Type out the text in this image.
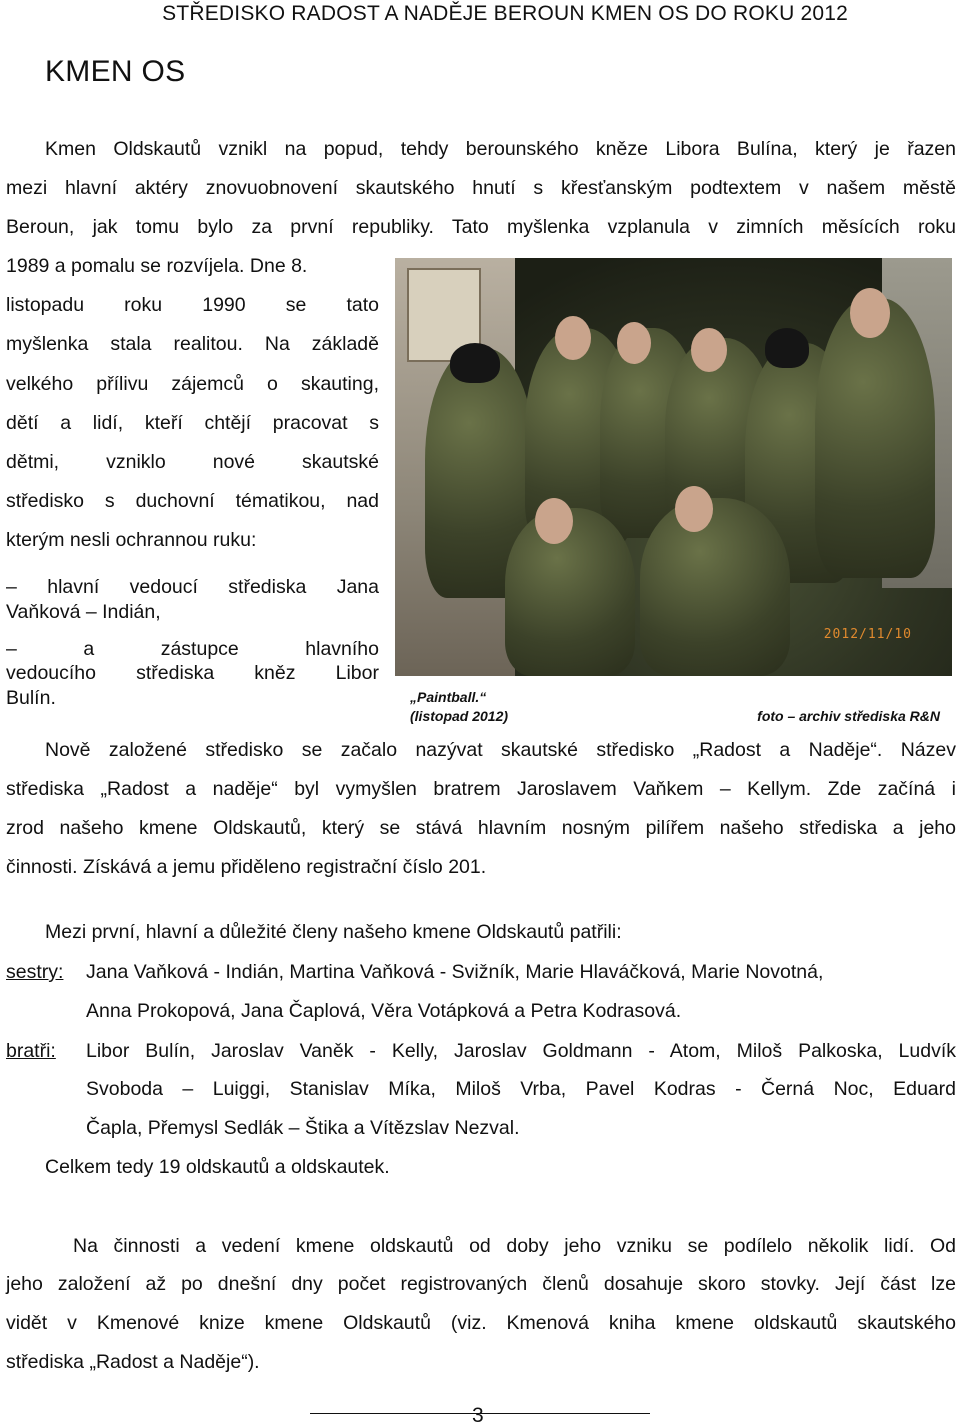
STŘEDISKO RADOST A NADĚJE BEROUN KMEN OS DO ROKU 2012
KMEN OS
Kmen Oldskautů vznikl na popud, tehdy berounského kněze Libora Bulína, který je řazen
mezi hlavní aktéry znovuobnovení skautského hnutí s křesťanským podtextem v našem městě
Beroun, jak tomu bylo za první republiky. Tato myšlenka vzplanula v zimních měsících roku
1989 a pomalu se rozvíjela. Dne 8.
listopadu roku 1990 se tato
myšlenka stala realitou. Na základě
velkého přílivu zájemců o skauting,
dětí a lidí, kteří chtějí pracovat s
dětmi, vzniklo nové skautské
středisko s duchovní tématikou, nad
kterým nesli ochrannou ruku:
– hlavní vedoucí střediska Jana
Vaňková – Indián,
– a zástupce hlavního
vedoucího střediska kněz Libor
Bulín.
2012/11/10
„Paintball.“
(listopad 2012)	foto – archiv střediska R&N
Nově založené středisko se začalo nazývat skautské středisko „Radost a Naděje“. Název
střediska „Radost a naděje“ byl vymyšlen bratrem Jaroslavem Vaňkem – Kellym. Zde začíná i
zrod našeho kmene Oldskautů, který se stává hlavním nosným pilířem našeho střediska a jeho
činnosti. Získává a jemu přiděleno registrační číslo 201.
Mezi první, hlavní a důležité členy našeho kmene Oldskautů patřili:
sestry: Jana Vaňková - Indián, Martina Vaňková - Svižník, Marie Hlaváčková, Marie Novotná,
Anna Prokopová, Jana Čaplová, Věra Votápková a Petra Kodrasová.
bratři: Libor Bulín, Jaroslav Vaněk - Kelly, Jaroslav Goldmann - Atom, Miloš Palkoska, Ludvík
Svoboda – Luiggi, Stanislav Míka, Miloš Vrba, Pavel Kodras - Černá Noc, Eduard
Čapla, Přemysl Sedlák – Štika a Vítězslav Nezval.
Celkem tedy 19 oldskautů a oldskautek.
Na činnosti a vedení kmene oldskautů od doby jeho vzniku se podílelo několik lidí. Od
jeho založení až po dnešní dny počet registrovaných členů dosahuje skoro stovky. Její část lze
vidět v Kmenové knize kmene Oldskautů (viz. Kmenová kniha kmene oldskautů skautského
střediska „Radost a Naděje“).
3
